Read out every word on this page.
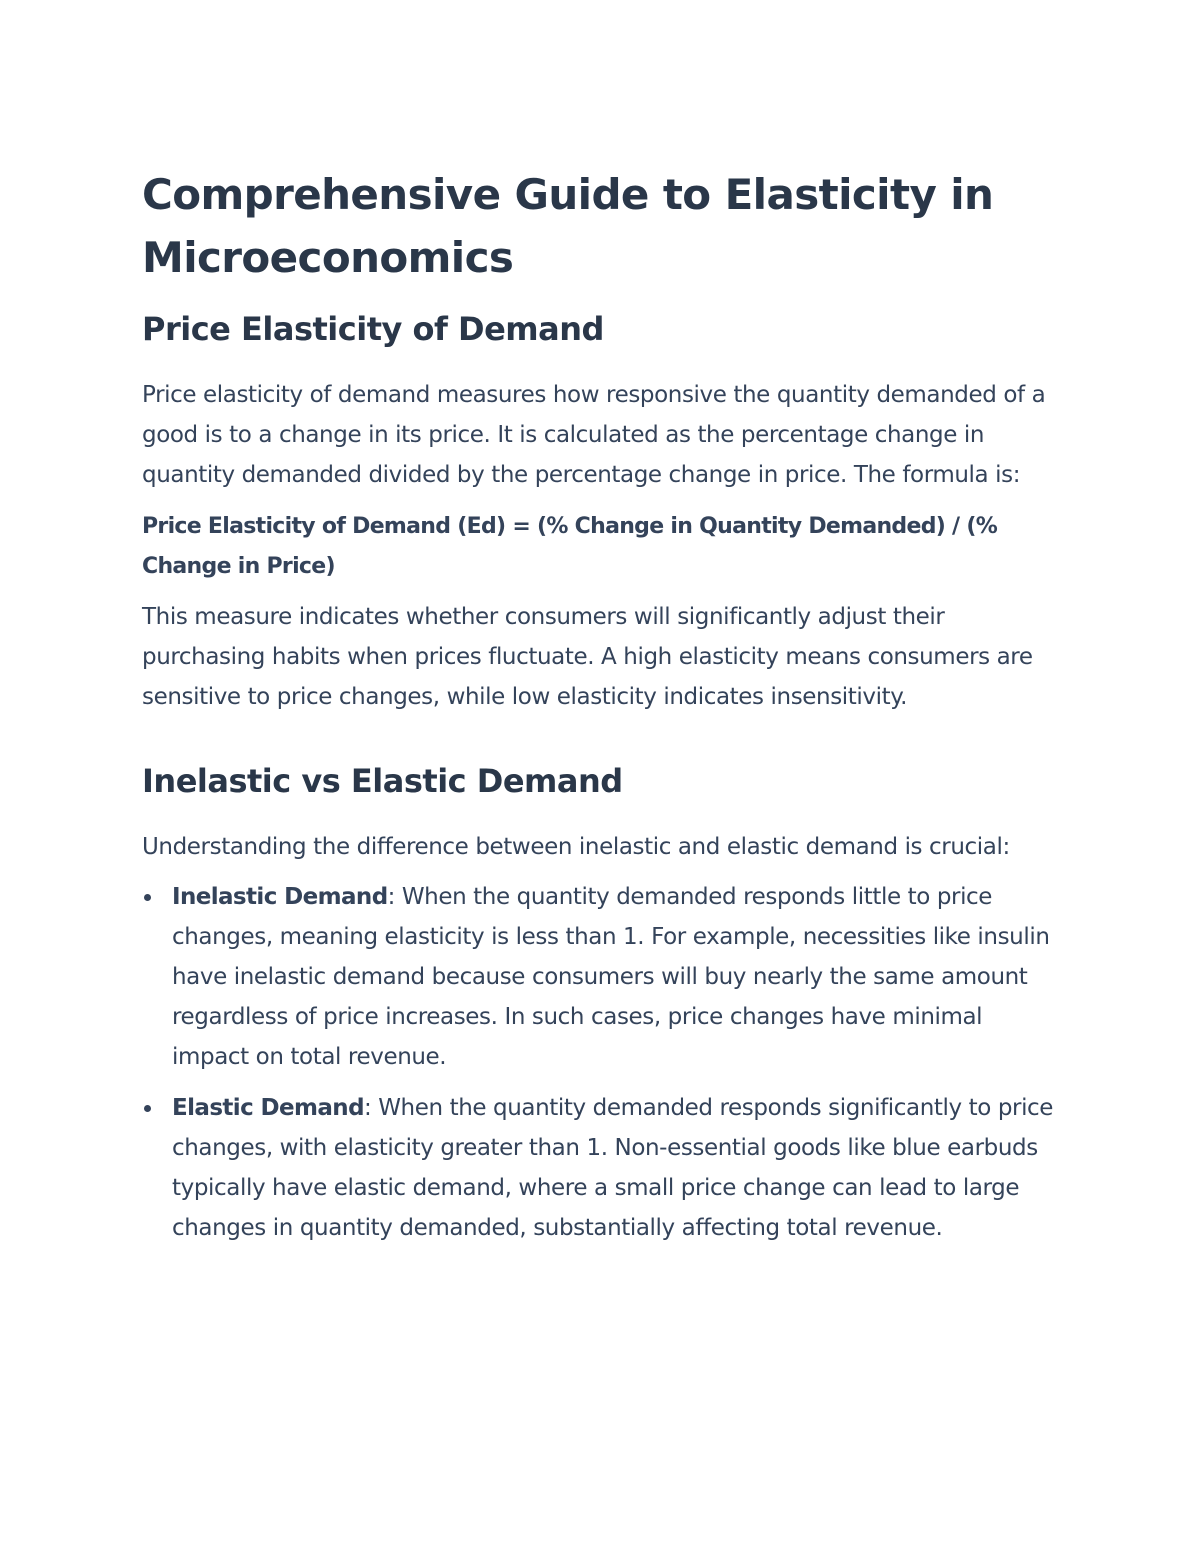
Comprehensive Guide to Elasticity in Microeconomics
Price Elasticity of Demand

Price elasticity of demand measures how responsive the quantity demanded of a good is to a change in its price. It is calculated as the percentage change in quantity demanded divided by the percentage change in price. The formula is:

Price Elasticity of Demand (Ed) = (% Change in Quantity Demanded) / (% Change in Price)

This measure indicates whether consumers will significantly adjust their purchasing habits when prices fluctuate. A high elasticity means consumers are sensitive to price changes, while low elasticity indicates insensitivity.

Inelastic vs Elastic Demand

Understanding the difference between inelastic and elastic demand is crucial:

Inelastic Demand: When the quantity demanded responds little to price changes, meaning elasticity is less than 1. For example, necessities like insulin have inelastic demand because consumers will buy nearly the same amount regardless of price increases. In such cases, price changes have minimal impact on total revenue.
Elastic Demand: When the quantity demanded responds significantly to price changes, with elasticity greater than 1. Non-essential goods like blue earbuds typically have elastic demand, where a small price change can lead to large changes in quantity demanded, substantially affecting total revenue.
